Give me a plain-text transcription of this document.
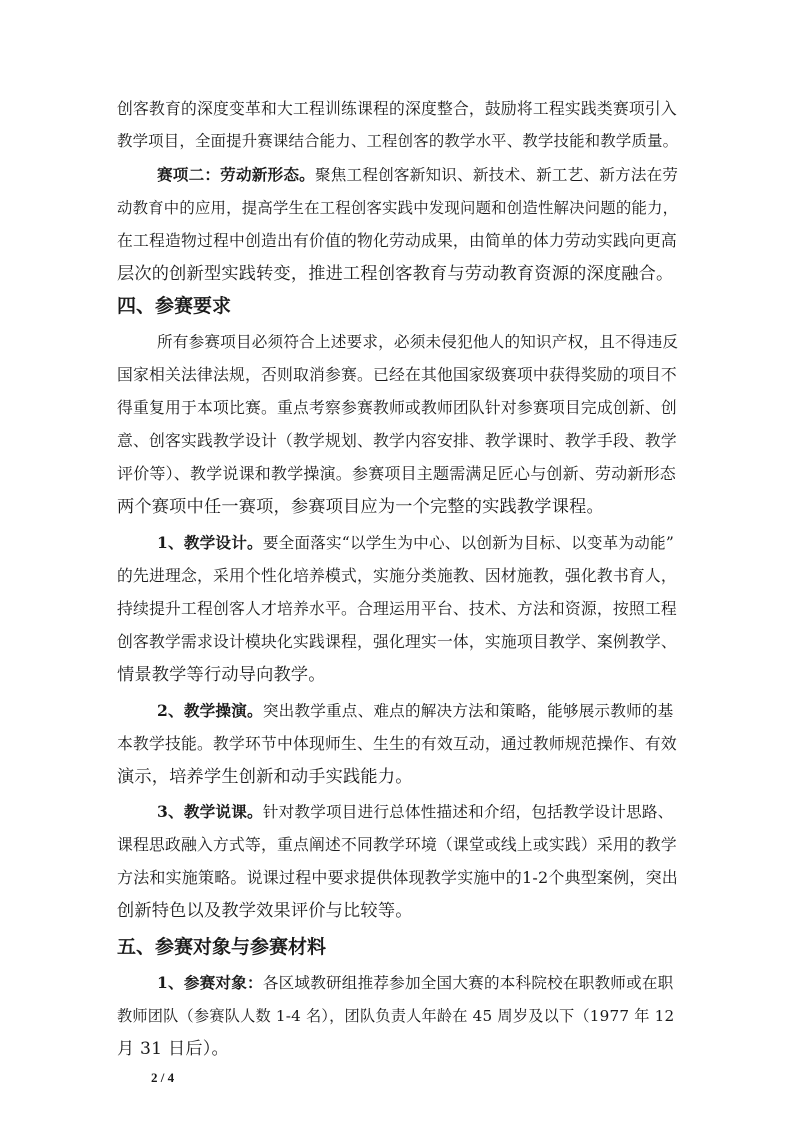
创客教育的深度变革和大工程训练课程的深度整合，鼓励将工程实践类赛项引入
教学项目，全面提升赛课结合能力、工程创客的教学水平、教学技能和教学质量。
赛项二：劳动新形态。聚焦工程创客新知识、新技术、新工艺、新方法在劳
动教育中的应用，提高学生在工程创客实践中发现问题和创造性解决问题的能力，
在工程造物过程中创造出有价值的物化劳动成果，由简单的体力劳动实践向更高
层次的创新型实践转变，推进工程创客教育与劳动教育资源的深度融合。
四、参赛要求
所有参赛项目必须符合上述要求，必须未侵犯他人的知识产权，且不得违反
国家相关法律法规，否则取消参赛。已经在其他国家级赛项中获得奖励的项目不
得重复用于本项比赛。重点考察参赛教师或教师团队针对参赛项目完成创新、创
意、创客实践教学设计（教学规划、教学内容安排、教学课时、教学手段、教学
评价等）、教学说课和教学操演。参赛项目主题需满足匠心与创新、劳动新形态
两个赛项中任一赛项，参赛项目应为一个完整的实践教学课程。
1、教学设计。要全面落实“以学生为中心、以创新为目标、以变革为动能”
的先进理念，采用个性化培养模式，实施分类施教、因材施教，强化教书育人，
持续提升工程创客人才培养水平。合理运用平台、技术、方法和资源，按照工程
创客教学需求设计模块化实践课程，强化理实一体，实施项目教学、案例教学、
情景教学等行动导向教学。
2、教学操演。突出教学重点、难点的解决方法和策略，能够展示教师的基
本教学技能。教学环节中体现师生、生生的有效互动，通过教师规范操作、有效
演示，培养学生创新和动手实践能力。
3、教学说课。针对教学项目进行总体性描述和介绍，包括教学设计思路、
课程思政融入方式等，重点阐述不同教学环境（课堂或线上或实践）采用的教学
方法和实施策略。说课过程中要求提供体现教学实施中的1-2个典型案例，突出
创新特色以及教学效果评价与比较等。
五、参赛对象与参赛材料
1、参赛对象：各区域教研组推荐参加全国大赛的本科院校在职教师或在职
教师团队（参赛队人数 1-4 名），团队负责人年龄在 45 周岁及以下（1977 年 12
月 31 日后）。
2 / 4
